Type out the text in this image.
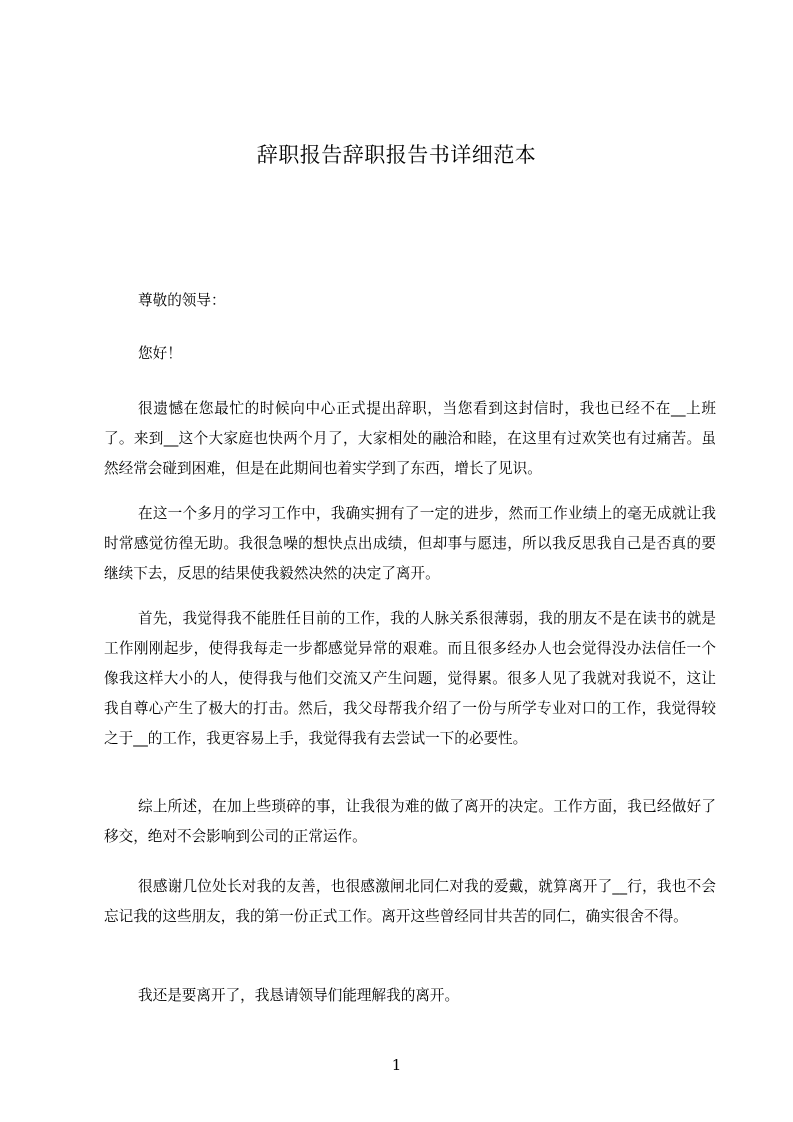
辞职报告辞职报告书详细范本

尊敬的领导：

您好！

很遗憾在您最忙的时候向中心正式提出辞职，当您看到这封信时，我也已经不在__上班了。来到__这个大家庭也快两个月了，大家相处的融洽和睦，在这里有过欢笑也有过痛苦。虽然经常会碰到困难，但是在此期间也着实学到了东西，增长了见识。

在这一个多月的学习工作中，我确实拥有了一定的进步，然而工作业绩上的毫无成就让我时常感觉彷徨无助。我很急噪的想快点出成绩，但却事与愿违，所以我反思我自己是否真的要继续下去，反思的结果使我毅然决然的决定了离开。

首先，我觉得我不能胜任目前的工作，我的人脉关系很薄弱，我的朋友不是在读书的就是工作刚刚起步，使得我每走一步都感觉异常的艰难。而且很多经办人也会觉得没办法信任一个像我这样大小的人，使得我与他们交流又产生问题，觉得累。很多人见了我就对我说不，这让我自尊心产生了极大的打击。然后，我父母帮我介绍了一份与所学专业对口的工作，我觉得较之于__的工作，我更容易上手，我觉得我有去尝试一下的必要性。

综上所述，在加上些琐碎的事，让我很为难的做了离开的决定。工作方面，我已经做好了移交，绝对不会影响到公司的正常运作。

很感谢几位处长对我的友善，也很感激闸北同仁对我的爱戴，就算离开了__行，我也不会忘记我的这些朋友，我的第一份正式工作。离开这些曾经同甘共苦的同仁，确实很舍不得。

我还是要离开了，我恳请领导们能理解我的离开。

1
